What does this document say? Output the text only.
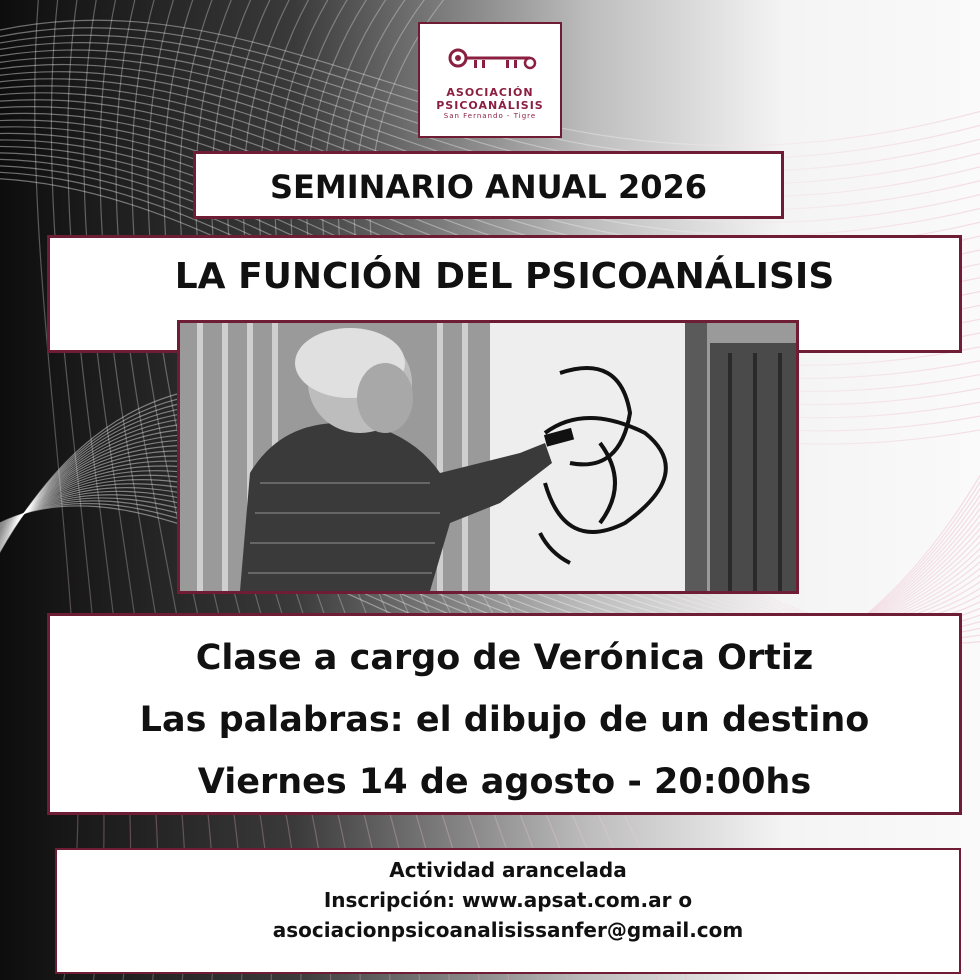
ASOCIACIÓN PSICOANÁLISIS
San Fernando - Tigre
SEMINARIO ANUAL 2026
LA FUNCIÓN DEL PSICOANÁLISIS
Clase a cargo de Verónica Ortiz
Las palabras: el dibujo de un destino
Viernes 14 de agosto - 20:00hs
Actividad arancelada
Inscripción: www.apsat.com.ar o
asociacionpsicoanalisissanfer@gmail.com
